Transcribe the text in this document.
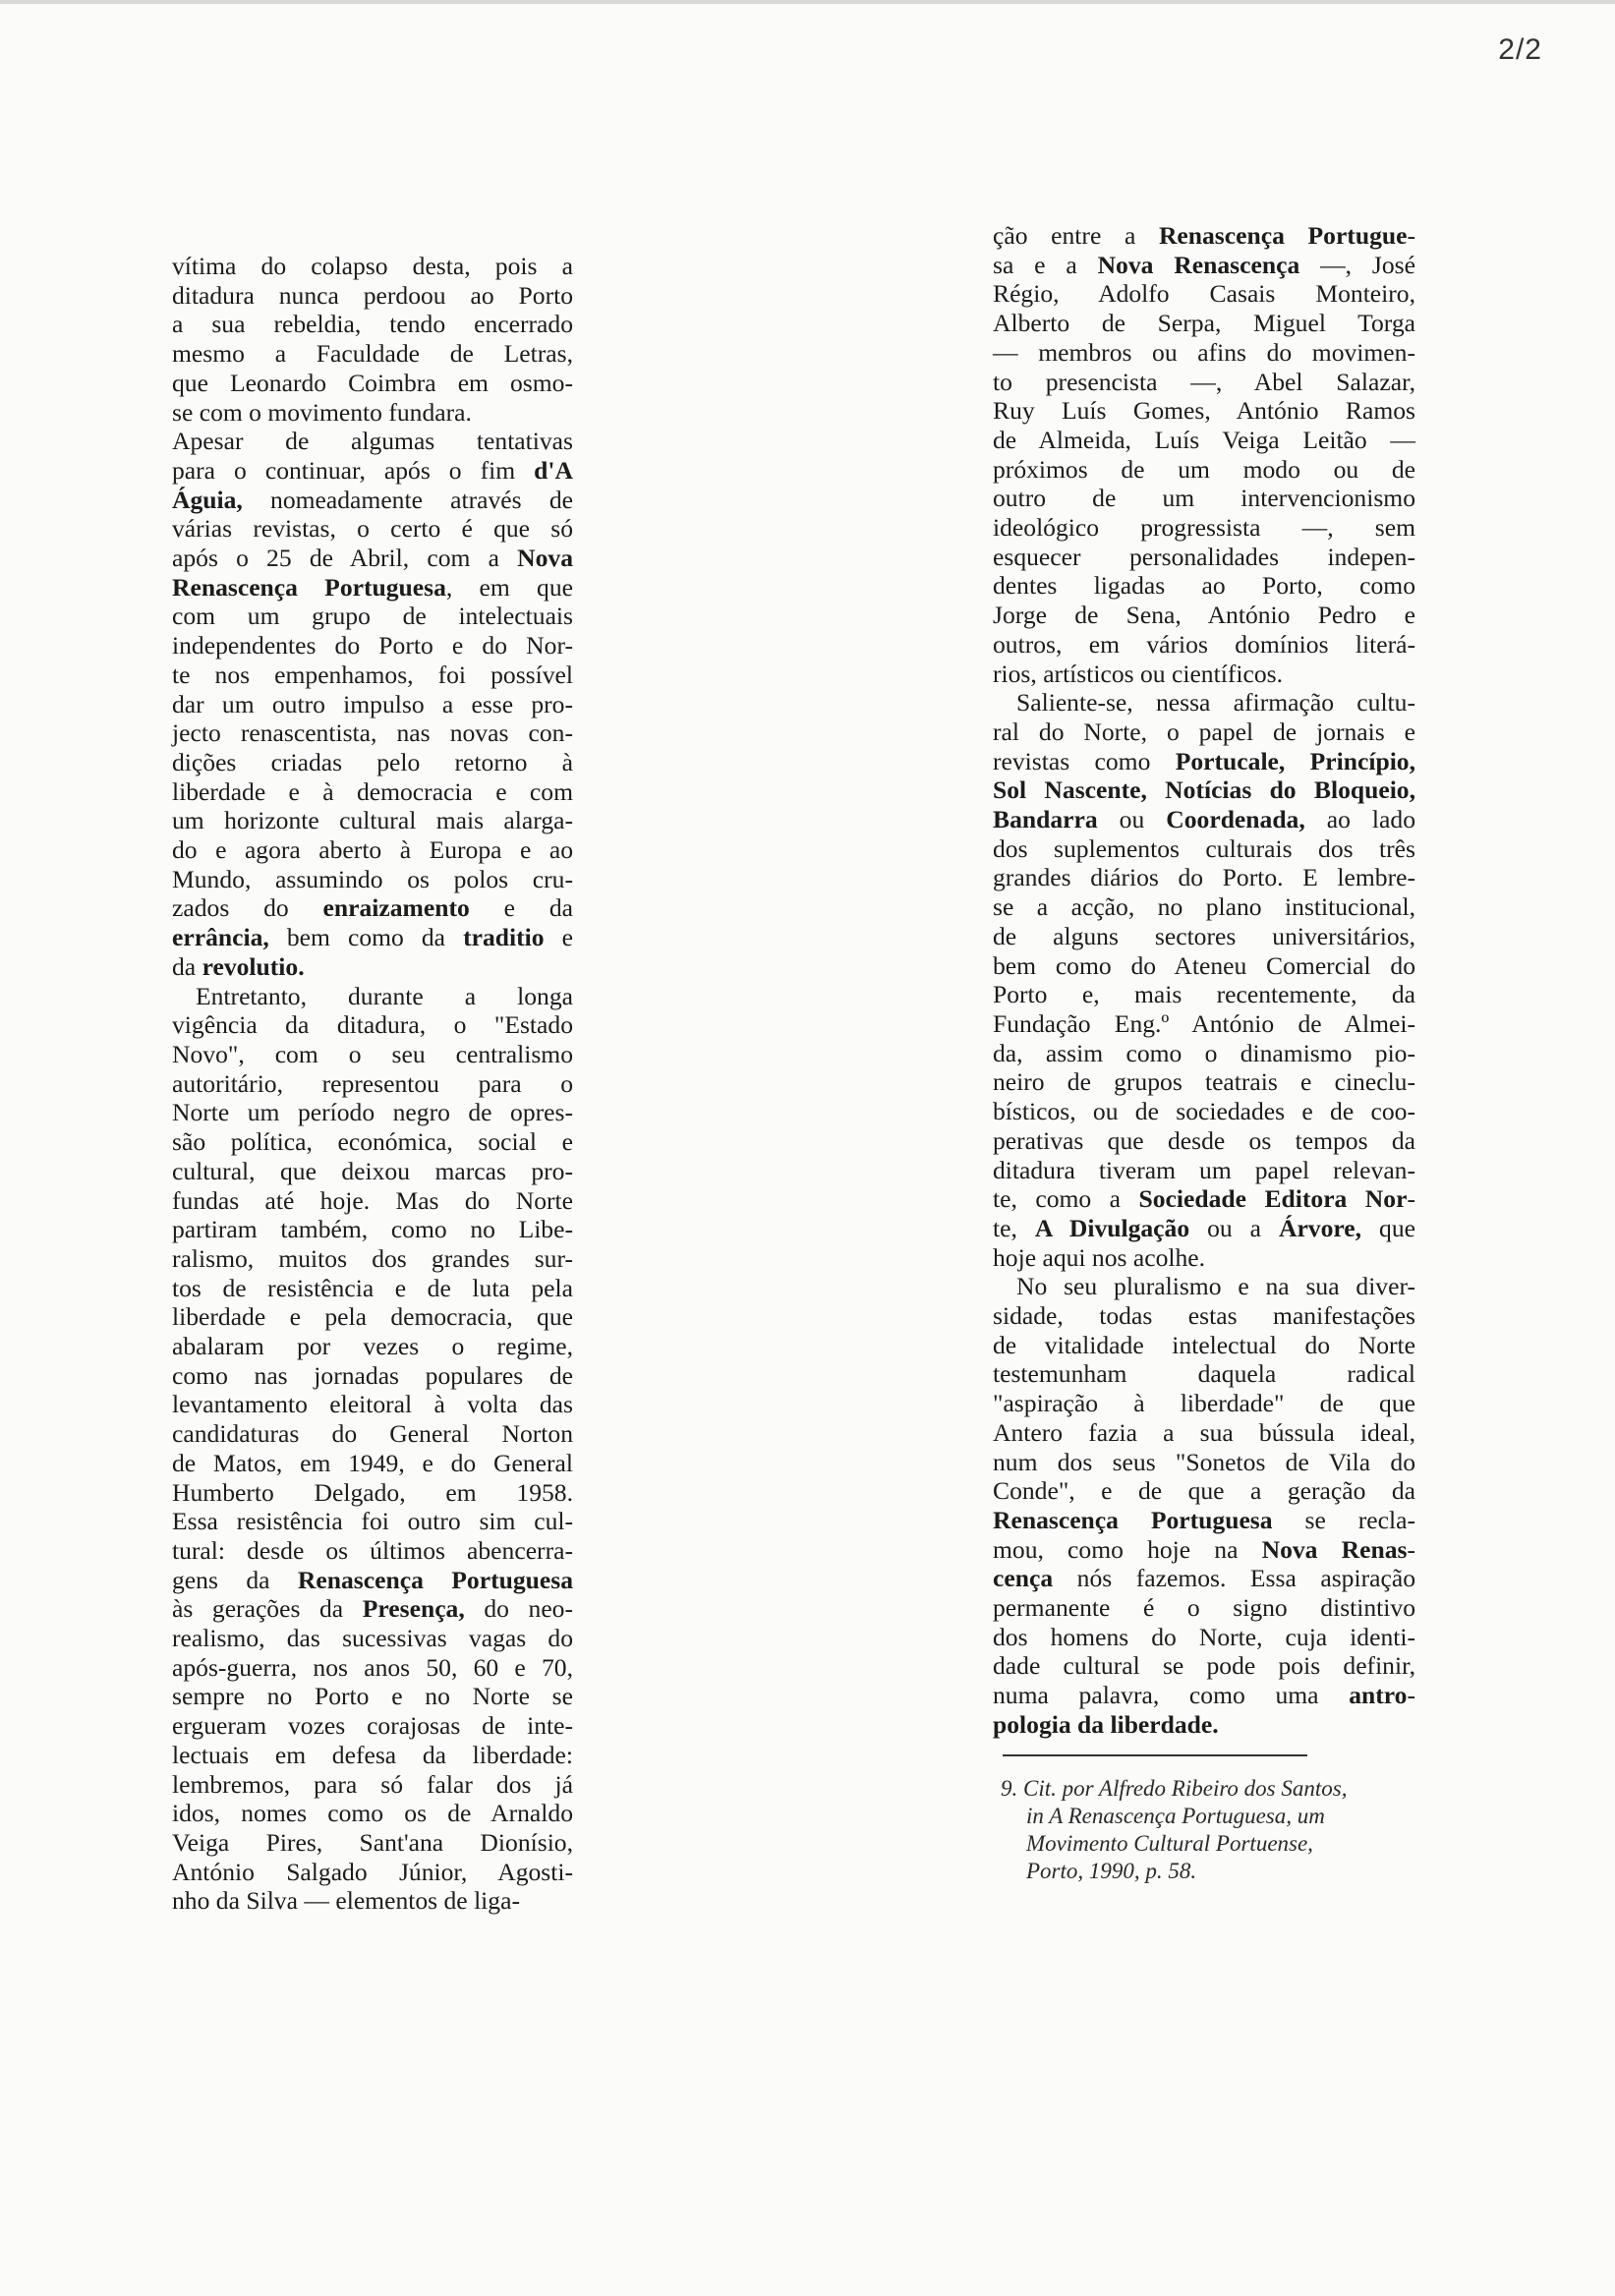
2/2
vítima do colapso desta, pois a
ditadura nunca perdoou ao Porto
a sua rebeldia, tendo encerrado
mesmo a Faculdade de Letras,
que Leonardo Coimbra em osmo-
se com o movimento fundara.
Apesar de algumas tentativas
para o continuar, após o fim d'A
Águia, nomeadamente através de
várias revistas, o certo é que só
após o 25 de Abril, com a Nova
Renascença Portuguesa, em que
com um grupo de intelectuais
independentes do Porto e do Nor-
te nos empenhamos, foi possível
dar um outro impulso a esse pro-
jecto renascentista, nas novas con-
dições criadas pelo retorno à
liberdade e à democracia e com
um horizonte cultural mais alarga-
do e agora aberto à Europa e ao
Mundo, assumindo os polos cru-
zados do enraizamento e da
errância, bem como da traditio e
da revolutio.
Entretanto, durante a longa
vigência da ditadura, o "Estado
Novo", com o seu centralismo
autoritário, representou para o
Norte um período negro de opres-
são política, económica, social e
cultural, que deixou marcas pro-
fundas até hoje. Mas do Norte
partiram também, como no Libe-
ralismo, muitos dos grandes sur-
tos de resistência e de luta pela
liberdade e pela democracia, que
abalaram por vezes o regime,
como nas jornadas populares de
levantamento eleitoral à volta das
candidaturas do General Norton
de Matos, em 1949, e do General
Humberto Delgado, em 1958.
Essa resistência foi outro sim cul-
tural: desde os últimos abencerra-
gens da Renascença Portuguesa
às gerações da Presença, do neo-
realismo, das sucessivas vagas do
após-guerra, nos anos 50, 60 e 70,
sempre no Porto e no Norte se
ergueram vozes corajosas de inte-
lectuais em defesa da liberdade:
lembremos, para só falar dos já
idos, nomes como os de Arnaldo
Veiga Pires, Sant'ana Dionísio,
António Salgado Júnior, Agosti-
nho da Silva — elementos de liga-
ção entre a Renascença Portugue-
sa e a Nova Renascença —, José
Régio, Adolfo Casais Monteiro,
Alberto de Serpa, Miguel Torga
— membros ou afins do movimen-
to presencista —, Abel Salazar,
Ruy Luís Gomes, António Ramos
de Almeida, Luís Veiga Leitão —
próximos de um modo ou de
outro de um intervencionismo
ideológico progressista —, sem
esquecer personalidades indepen-
dentes ligadas ao Porto, como
Jorge de Sena, António Pedro e
outros, em vários domínios literá-
rios, artísticos ou científicos.
Saliente-se, nessa afirmação cultu-
ral do Norte, o papel de jornais e
revistas como Portucale, Princípio,
Sol Nascente, Notícias do Bloqueio,
Bandarra ou Coordenada, ao lado
dos suplementos culturais dos três
grandes diários do Porto. E lembre-
se a acção, no plano institucional,
de alguns sectores universitários,
bem como do Ateneu Comercial do
Porto e, mais recentemente, da
Fundação Eng.º António de Almei-
da, assim como o dinamismo pio-
neiro de grupos teatrais e cineclu-
bísticos, ou de sociedades e de coo-
perativas que desde os tempos da
ditadura tiveram um papel relevan-
te, como a Sociedade Editora Nor-
te, A Divulgação ou a Árvore, que
hoje aqui nos acolhe.
No seu pluralismo e na sua diver-
sidade, todas estas manifestações
de vitalidade intelectual do Norte
testemunham daquela radical
"aspiração à liberdade" de que
Antero fazia a sua bússula ideal,
num dos seus "Sonetos de Vila do
Conde", e de que a geração da
Renascença Portuguesa se recla-
mou, como hoje na Nova Renas-
cença nós fazemos. Essa aspiração
permanente é o signo distintivo
dos homens do Norte, cuja identi-
dade cultural se pode pois definir,
numa palavra, como uma antro-
pologia da liberdade.
9. Cit. por Alfredo Ribeiro dos Santos,
in A Renascença Portuguesa, um
Movimento Cultural Portuense,
Porto, 1990, p. 58.
